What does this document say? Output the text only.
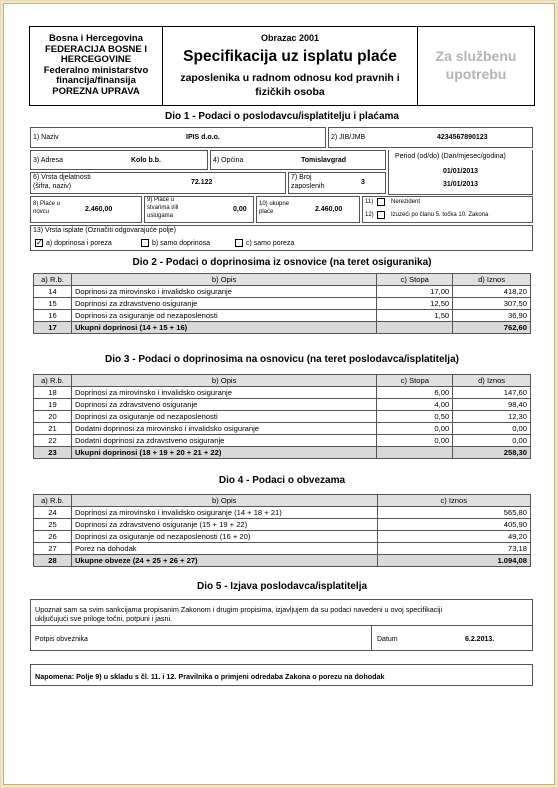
Bosna i Hercegovina
FEDERACIJA BOSNE I
HERCEGOVINE
Federalno ministarstvo
financija/finansija
POREZNA UPRAVA
Obrazac 2001
Specifikacija uz isplatu plaće
zaposlenika u radnom odnosu kod pravnih i
fizičkih osoba
Za službenu
upotrebu
Dio 1 - Podaci o poslodavcu/isplatitelju i plaćama
1) Naziv	IPIS d.o.o.	2) JIB/JMB	4234567890123
3) Adresa	Kolo b.b.	4) Općina	Tomislavgrad
Period (od/do) (Dan/mjesec/godina)
01/01/2013
31/01/2013
6) Vrsta djelatnosti
(šifra, naziv)
72.122
7) Broj
zaposlenih
3
8) Plaće u
novcu	2.460,00
9) Plaće u
stvarima i/ili
uslugama
0,00
10) ukupne
plaće	2.460,00
11)	Nerezident
12)	Izuzeći po članu 5. točka 10. Zakona
13) Vrsta isplate (Označiti odgovarajuće polje)
✓ a) doprinosa i poreza	b) samo doprinosa	c) samo poreza
Dio 2 - Podaci o doprinosima iz osnovice (na teret osiguranika)
a) R.b.	b) Opis	c) Stopa	d) Iznos
14	Doprinosi za mirovinsko i invalidsko osiguranje	17,00	418,20
15	Doprinosi za zdravstveno osiguranje	12,50	307,50
16	Doprinosi za osiguranje od nezaposlenosti	1,50	36,90
17	Ukupni doprinosi (14 + 15 + 16)		762,60
Dio 3 - Podaci o doprinosima na osnovicu (na teret poslodavca/isplatitelja)
a) R.b.	b) Opis	c) Stopa	d) Iznos
18	Doprinosi za mirovinsko i invalidsko osiguranje	6,00	147,60
19	Doprinosi za zdravstveno osiguranje	4,00	98,40
20	Doprinosi za osiguranje od nezaposlenosti	0,50	12,30
21	Dodatni doprinosi za mirovinsko i invalidsko osiguranje	0,00	0,00
22	Dodatni doprinosi za zdravstveno osiguranje	0,00	0,00
23	Ukupni doprinosi (18 + 19 + 20 + 21 + 22)		258,30
Dio 4 - Podaci o obvezama
a) R.b.	b) Opis	c) Iznos
24	Doprinosi za mirovinsko i invalidsko osiguranje (14 + 18 + 21)	565,80
25	Doprinosi za zdravstveno osiguranje (15 + 19 + 22)	405,90
26	Doprinosi za osiguranje od nezaposlenosti (16 + 20)	49,20
27	Porez na dohodak	73,18
28	Ukupne obveze (24 + 25 + 26 + 27)	1.094,08
Dio 5 - Izjava poslodavca/isplatitelja
Upoznat sam sa svim sankcijama propisanim Zakonom i drugim propisima, izjavljujem da su podaci navedeni u ovoj specifikaciji
uključujući sve priloge točni, potpuni i jasni.
Potpis obveznika	Datum	6.2.2013.
Napomena: Polje 9) u skladu s čl. 11. i 12. Pravilnika o primjeni odredaba Zakona o porezu na dohodak
